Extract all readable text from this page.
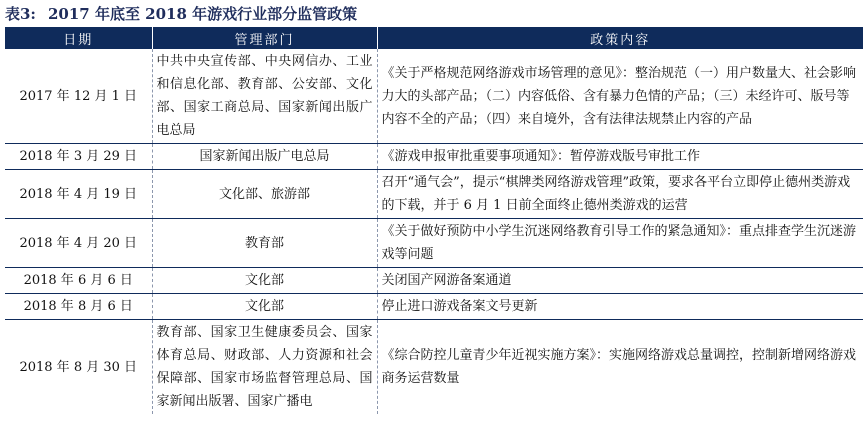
表3: 2017 年底至 2018 年游戏行业部分监管政策
日期	管理部门	政策内容
2017 年 12 月 1 日	中共中央宣传部、中央网信办、工业和信息化部、教育部、公安部、文化部、国家工商总局、国家新闻出版广电总局	《关于严格规范网络游戏市场管理的意见》：整治规范（一）用户数量大、社会影响力大的头部产品；（二）内容低俗、含有暴力色情的产品；（三）未经许可、版号等内容不全的产品；（四）来自境外，含有法律法规禁止内容的产品
2018 年 3 月 29 日	国家新闻出版广电总局	《游戏申报审批重要事项通知》：暂停游戏版号审批工作
2018 年 4 月 19 日	文化部、旅游部	召开“通气会”，提示“棋牌类网络游戏管理”政策，要求各平台立即停止德州类游戏的下载，并于 6 月 1 日前全面终止德州类游戏的运营
2018 年 4 月 20 日	教育部	《关于做好预防中小学生沉迷网络教育引导工作的紧急通知》：重点排查学生沉迷游戏等问题
2018 年 6 月 6 日	文化部	关闭国产网游备案通道
2018 年 8 月 6 日	文化部	停止进口游戏备案文号更新
2018 年 8 月 30 日	教育部、国家卫生健康委员会、国家体育总局、财政部、人力资源和社会保障部、国家市场监督管理总局、国家新闻出版署、国家广播电	《综合防控儿童青少年近视实施方案》：实施网络游戏总量调控，控制新增网络游戏商务运营数量
